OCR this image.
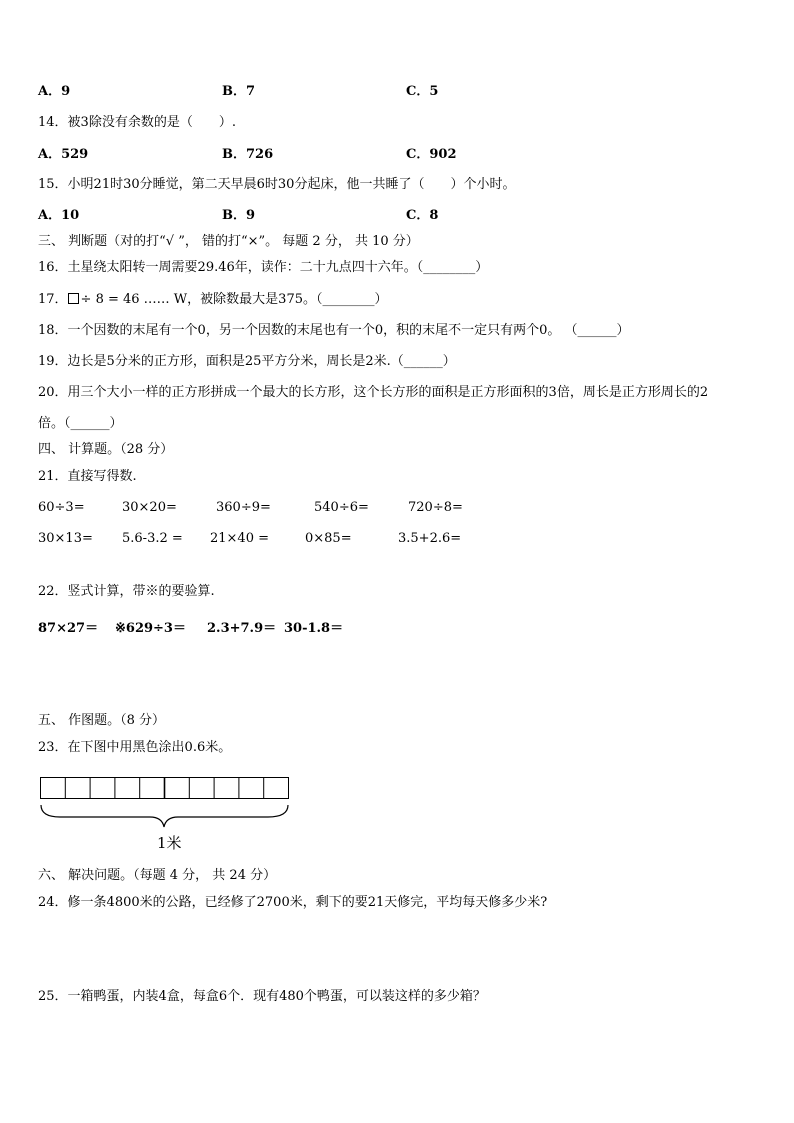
A．9	B．7	C．5
14．被3除没有余数的是（　　）.
A．529	B．726	C．902
15．小明21时30分睡觉，第二天早晨6时30分起床，他一共睡了（　　）个小时。
A．10	B．9	C．8
三、 判断题（对的打“√ ”， 错的打“×”。 每题 2 分， 共 10 分）
16．土星绕太阳转一周需要29.46年，读作：二十九点四十六年。（________）
17． ÷ 8 = 46 …… W，被除数最大是375。（________）
18．一个因数的末尾有一个0，另一个因数的末尾也有一个0，积的末尾不一定只有两个0。 （______）
19．边长是5分米的正方形，面积是25平方分米，周长是2米.（______）
20．用三个大小一样的正方形拼成一个最大的长方形，这个长方形的面积是正方形面积的3倍，周长是正方形周长的2
倍。（______）
四、 计算题。（28 分）
21．直接写得数.
60÷3=	30×20=	360÷9=	540÷6=	720÷8=
30×13= 5.6-3.2 = 21×40 =	0×85=	3.5+2.6=
22．竖式计算，带※的要验算.
87×27＝ ※629÷3＝ 2.3+7.9＝ 30-1.8＝
五、 作图题。（8 分）
23．在下图中用黑色涂出0.6米。
1米
六、 解决问题。（每题 4 分， 共 24 分）
24．修一条4800米的公路，已经修了2700米，剩下的要21天修完，平均每天修多少米?
25．一箱鸭蛋，内装4盒，每盒6个．现有480个鸭蛋，可以装这样的多少箱？
